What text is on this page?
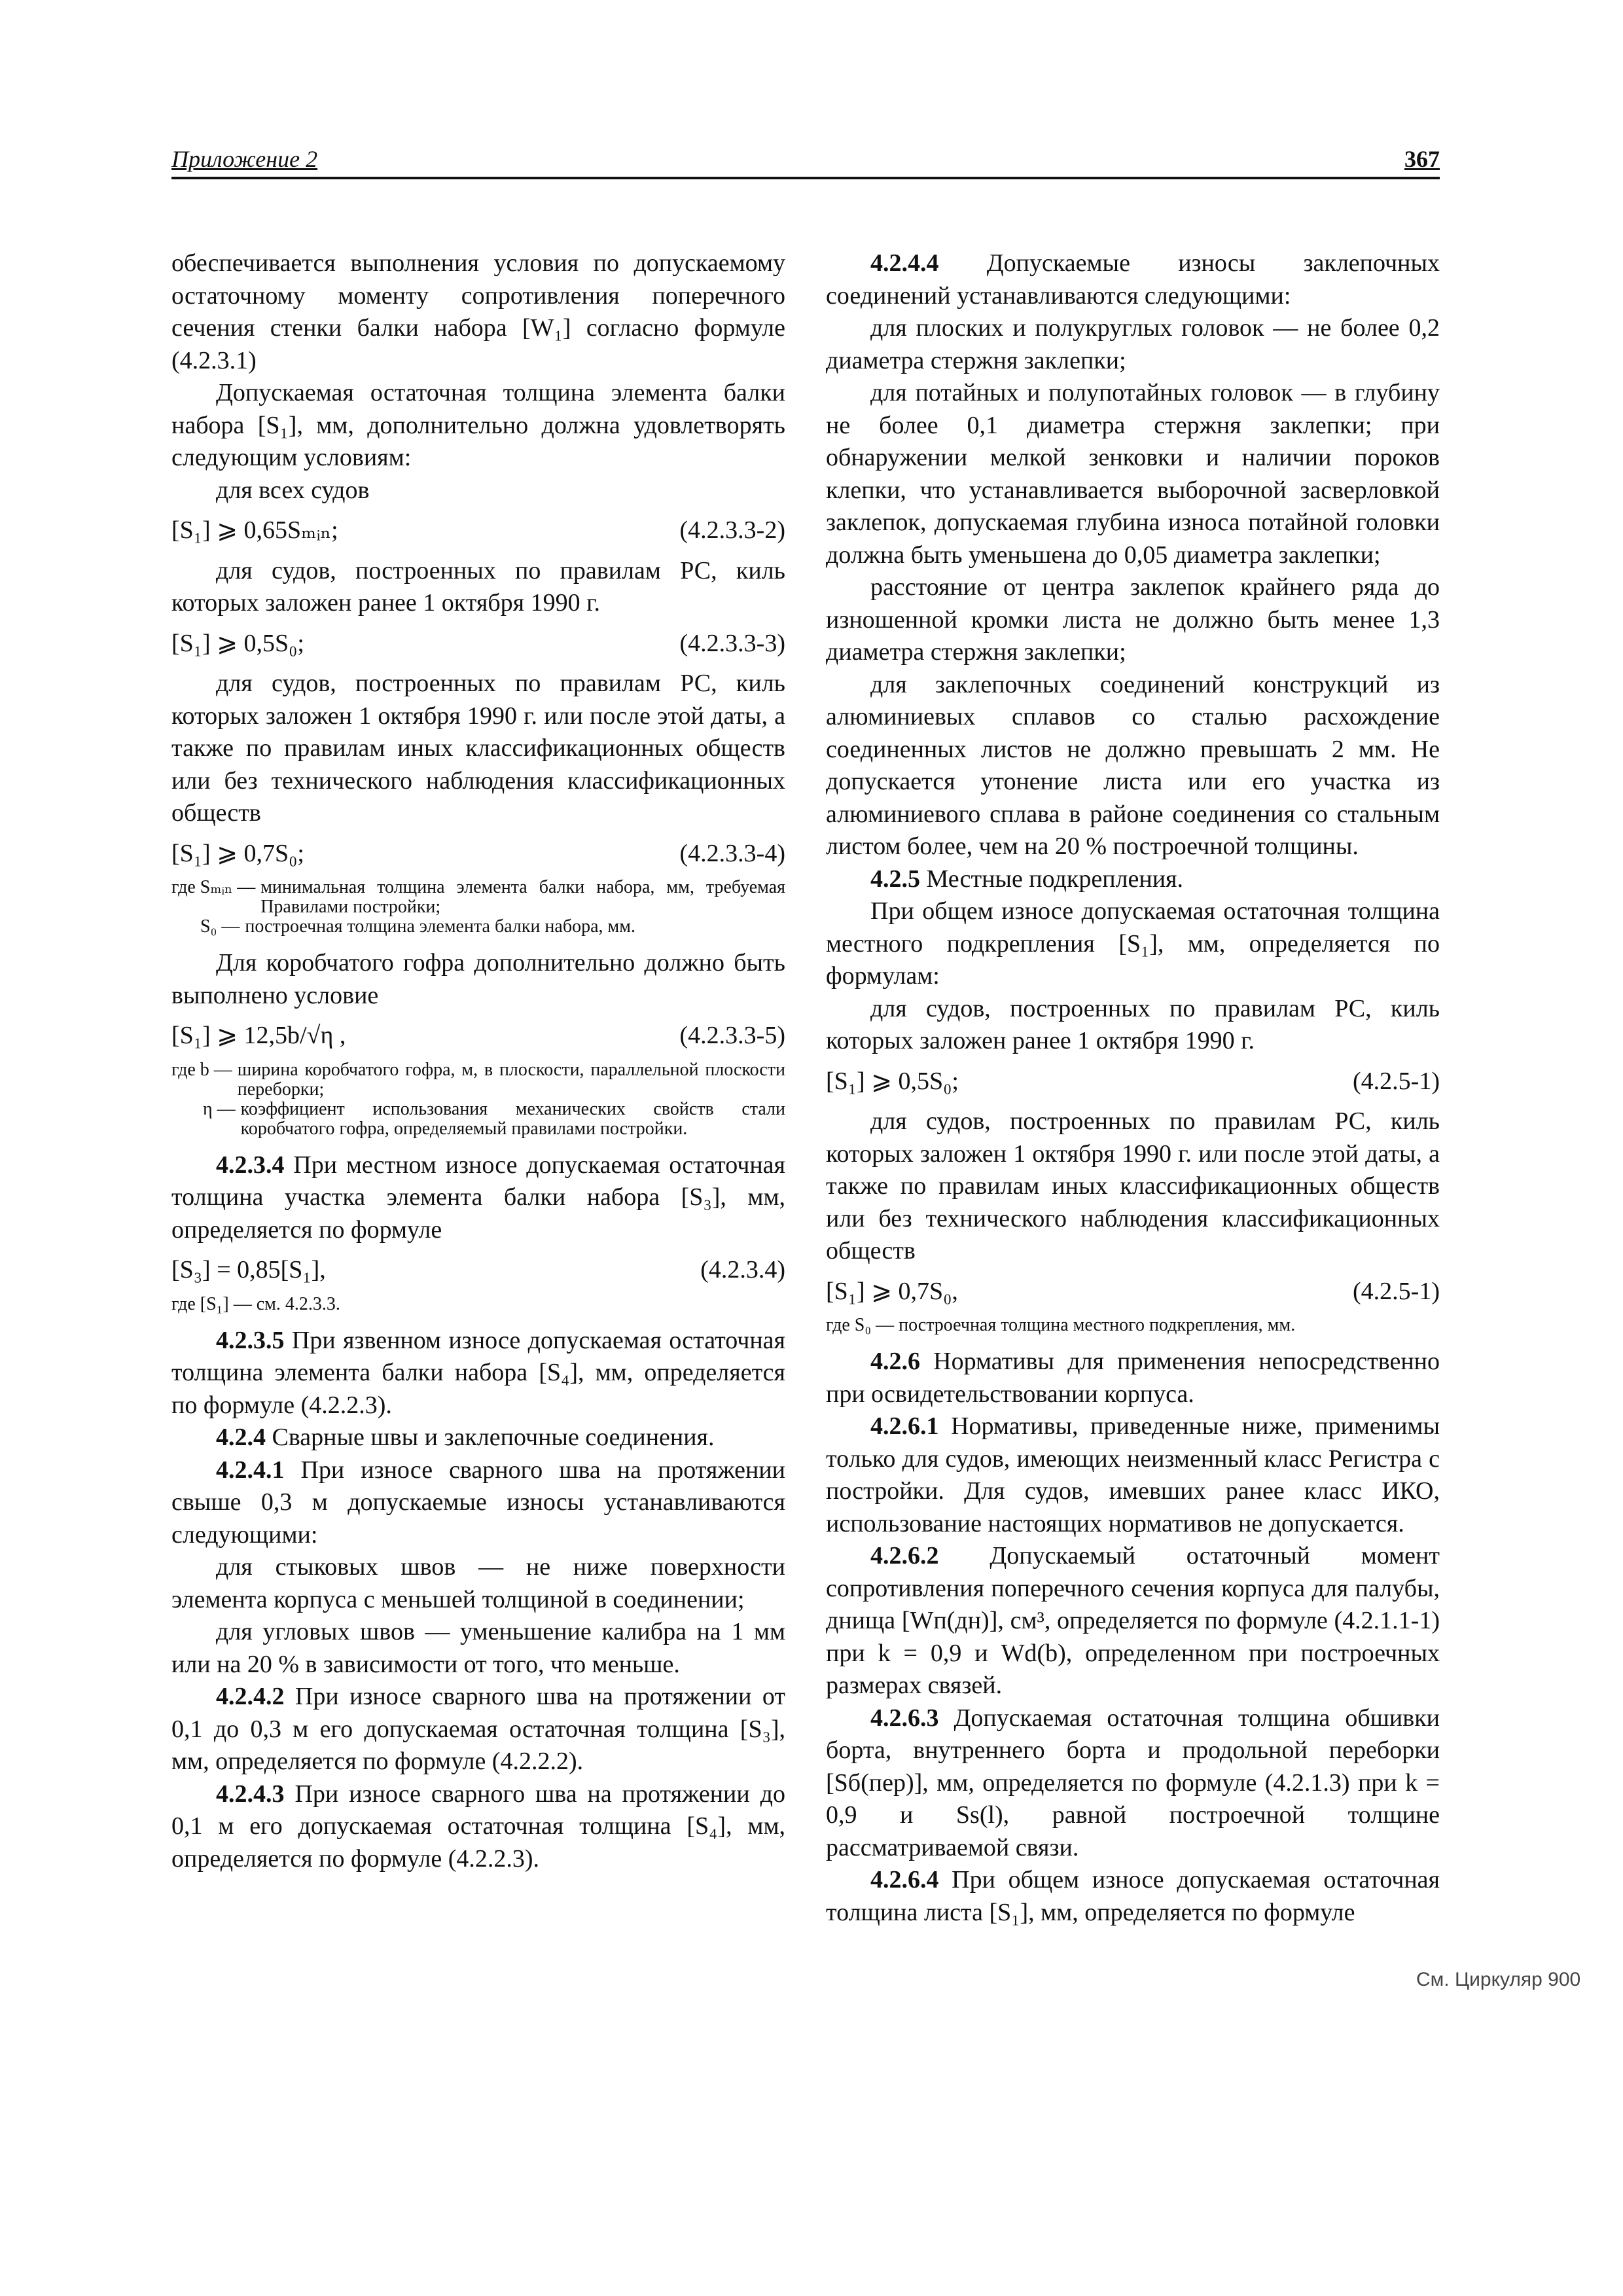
Приложение 2	367

обеспечивается выполнения условия по допускаемому остаточному моменту сопротивления поперечного сечения стенки балки набора [W₁] согласно формуле (4.2.3.1)

Допускаемая остаточная толщина элемента балки набора [S₁], мм, дополнительно должна удовлетворять следующим условиям:

для всех судов

[S₁] ⩾ 0,65Sₘᵢₙ;	(4.2.3.3-2)

для судов, построенных по правилам РС, киль которых заложен ранее 1 октября 1990 г.

[S₁] ⩾ 0,5S₀;	(4.2.3.3-3)

для судов, построенных по правилам РС, киль которых заложен 1 октября 1990 г. или после этой даты, а также по правилам иных классификационных обществ или без технического наблюдения классификационных обществ

[S₁] ⩾ 0,7S₀;	(4.2.3.3-4)
где Sₘᵢₙ — минимальная толщина элемента балки набора, мм, требуемая Правилами постройки;
S₀ — построечная толщина элемента балки набора, мм.

Для коробчатого гофра дополнительно должно быть выполнено условие

[S₁] ⩾ 12,5b/√η ,	(4.2.3.3-5)
где b — ширина коробчатого гофра, м, в плоскости, параллельной плоскости переборки;
η — коэффициент использования механических свойств стали коробчатого гофра, определяемый правилами постройки.

4.2.3.4 При местном износе допускаемая остаточная толщина участка элемента балки набора [S₃], мм, определяется по формуле

[S₃] = 0,85[S₁],	(4.2.3.4)
где [S₁] — см. 4.2.3.3.

4.2.3.5 При язвенном износе допускаемая остаточная толщина элемента балки набора [S₄], мм, определяется по формуле (4.2.2.3).

4.2.4 Сварные швы и заклепочные соединения.

4.2.4.1 При износе сварного шва на протяжении свыше 0,3 м допускаемые износы устанавливаются следующими:

для стыковых швов — не ниже поверхности элемента корпуса с меньшей толщиной в соединении;

для угловых швов — уменьшение калибра на 1 мм или на 20 % в зависимости от того, что меньше.

4.2.4.2 При износе сварного шва на протяжении от 0,1 до 0,3 м его допускаемая остаточная толщина [S₃], мм, определяется по формуле (4.2.2.2).

4.2.4.3 При износе сварного шва на протяжении до 0,1 м его допускаемая остаточная толщина [S₄], мм, определяется по формуле (4.2.2.3).

4.2.4.4 Допускаемые износы заклепочных соединений устанавливаются следующими:

для плоских и полукруглых головок — не более 0,2 диаметра стержня заклепки;

для потайных и полупотайных головок — в глубину не более 0,1 диаметра стержня заклепки; при обнаружении мелкой зенковки и наличии пороков клепки, что устанавливается выборочной засверловкой заклепок, допускаемая глубина износа потайной головки должна быть уменьшена до 0,05 диаметра заклепки;

расстояние от центра заклепок крайнего ряда до изношенной кромки листа не должно быть менее 1,3 диаметра стержня заклепки;

для заклепочных соединений конструкций из алюминиевых сплавов со сталью расхождение соединенных листов не должно превышать 2 мм. Не допускается утонение листа или его участка из алюминиевого сплава в районе соединения со стальным листом более, чем на 20 % построечной толщины.

4.2.5 Местные подкрепления.

При общем износе допускаемая остаточная толщина местного подкрепления [S₁], мм, определяется по формулам:

для судов, построенных по правилам РС, киль которых заложен ранее 1 октября 1990 г.

[S₁] ⩾ 0,5S₀;	(4.2.5-1)

для судов, построенных по правилам РС, киль которых заложен 1 октября 1990 г. или после этой даты, а также по правилам иных классификационных обществ или без технического наблюдения классификационных обществ

[S₁] ⩾ 0,7S₀,	(4.2.5-1)
где S₀ — построечная толщина местного подкрепления, мм.

4.2.6 Нормативы для применения непосредственно при освидетельствовании корпуса.

4.2.6.1 Нормативы, приведенные ниже, применимы только для судов, имеющих неизменный класс Регистра с постройки. Для судов, имевших ранее класс ИКО, использование настоящих нормативов не допускается.

4.2.6.2 Допускаемый остаточный момент сопротивления поперечного сечения корпуса для палубы, днища [Wп(дн)], см³, определяется по формуле (4.2.1.1-1) при k = 0,9 и Wd(b), определенном при построечных размерах связей.

4.2.6.3 Допускаемая остаточная толщина обшивки борта, внутреннего борта и продольной переборки [Sб(пер)], мм, определяется по формуле (4.2.1.3) при k = 0,9 и Ss(l), равной построечной толщине рассматриваемой связи.

4.2.6.4 При общем износе допускаемая остаточная толщина листа [S₁], мм, определяется по формуле

См. Циркуляр 900
